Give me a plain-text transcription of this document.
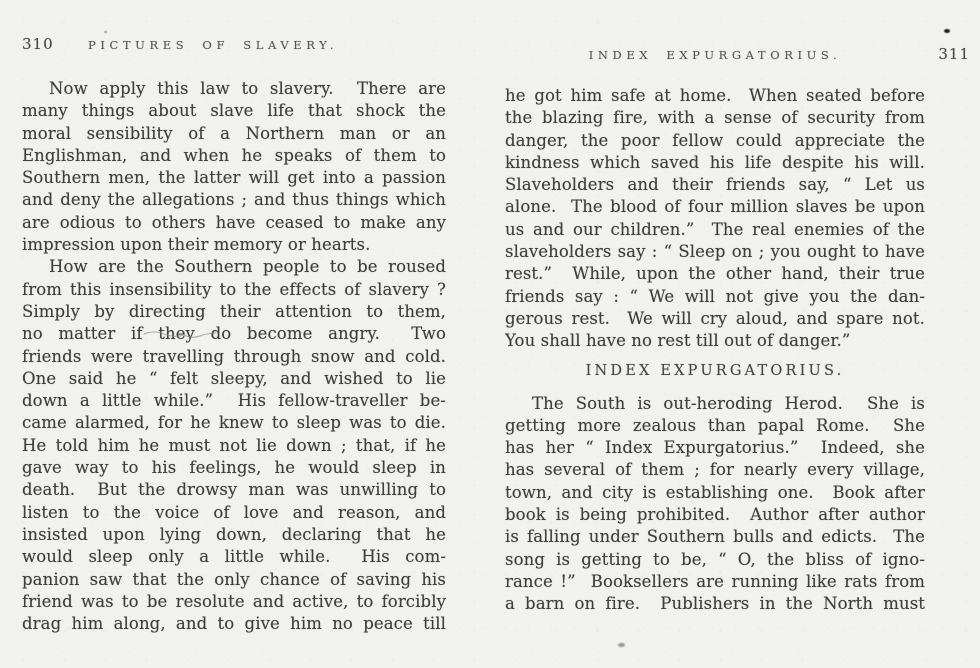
310	PICTURES OF SLAVERY.
Now apply this law to slavery.  There are
many things about slave life that shock the
moral sensibility of a Northern man or an
Englishman, and when he speaks of them to
Southern men, the latter will get into a passion
and deny the allegations ; and thus things which
are odious to others have ceased to make any
impression upon their memory or hearts.
How are the Southern people to be roused
from this insensibility to the effects of slavery ?
Simply by directing their attention to them,
no matter if they do become angry.  Two
friends were travelling through snow and cold.
One said he “ felt sleepy, and wished to lie
down a little while.”  His fellow-traveller be-
came alarmed, for he knew to sleep was to die.
He told him he must not lie down ; that, if he
gave way to his feelings, he would sleep in
death.  But the drowsy man was unwilling to
listen to the voice of love and reason, and
insisted upon lying down, declaring that he
would sleep only a little while.  His com-
panion saw that the only chance of saving his
friend was to be resolute and active, to forcibly
drag him along, and to give him no peace till
INDEX EXPURGATORIUS.	311
he got him safe at home.  When seated before
the blazing fire, with a sense of security from
danger, the poor fellow could appreciate the
kindness which saved his life despite his will.
Slaveholders and their friends say, “ Let us
alone.  The blood of four million slaves be upon
us and our children.”  The real enemies of the
slaveholders say : “ Sleep on ; you ought to have
rest.”  While, upon the other hand, their true
friends say : “ We will not give you the dan-
gerous rest.  We will cry aloud, and spare not.
You shall have no rest till out of danger.”
INDEX EXPURGATORIUS.
The South is out-heroding Herod.  She is
getting more zealous than papal Rome.  She
has her “ Index Expurgatorius.”  Indeed, she
has several of them ; for nearly every village,
town, and city is establishing one.  Book after
book is being prohibited.  Author after author
is falling under Southern bulls and edicts.  The
song is getting to be, “ O, the bliss of igno-
rance !”  Booksellers are running like rats from
a barn on fire.  Publishers in the North must
